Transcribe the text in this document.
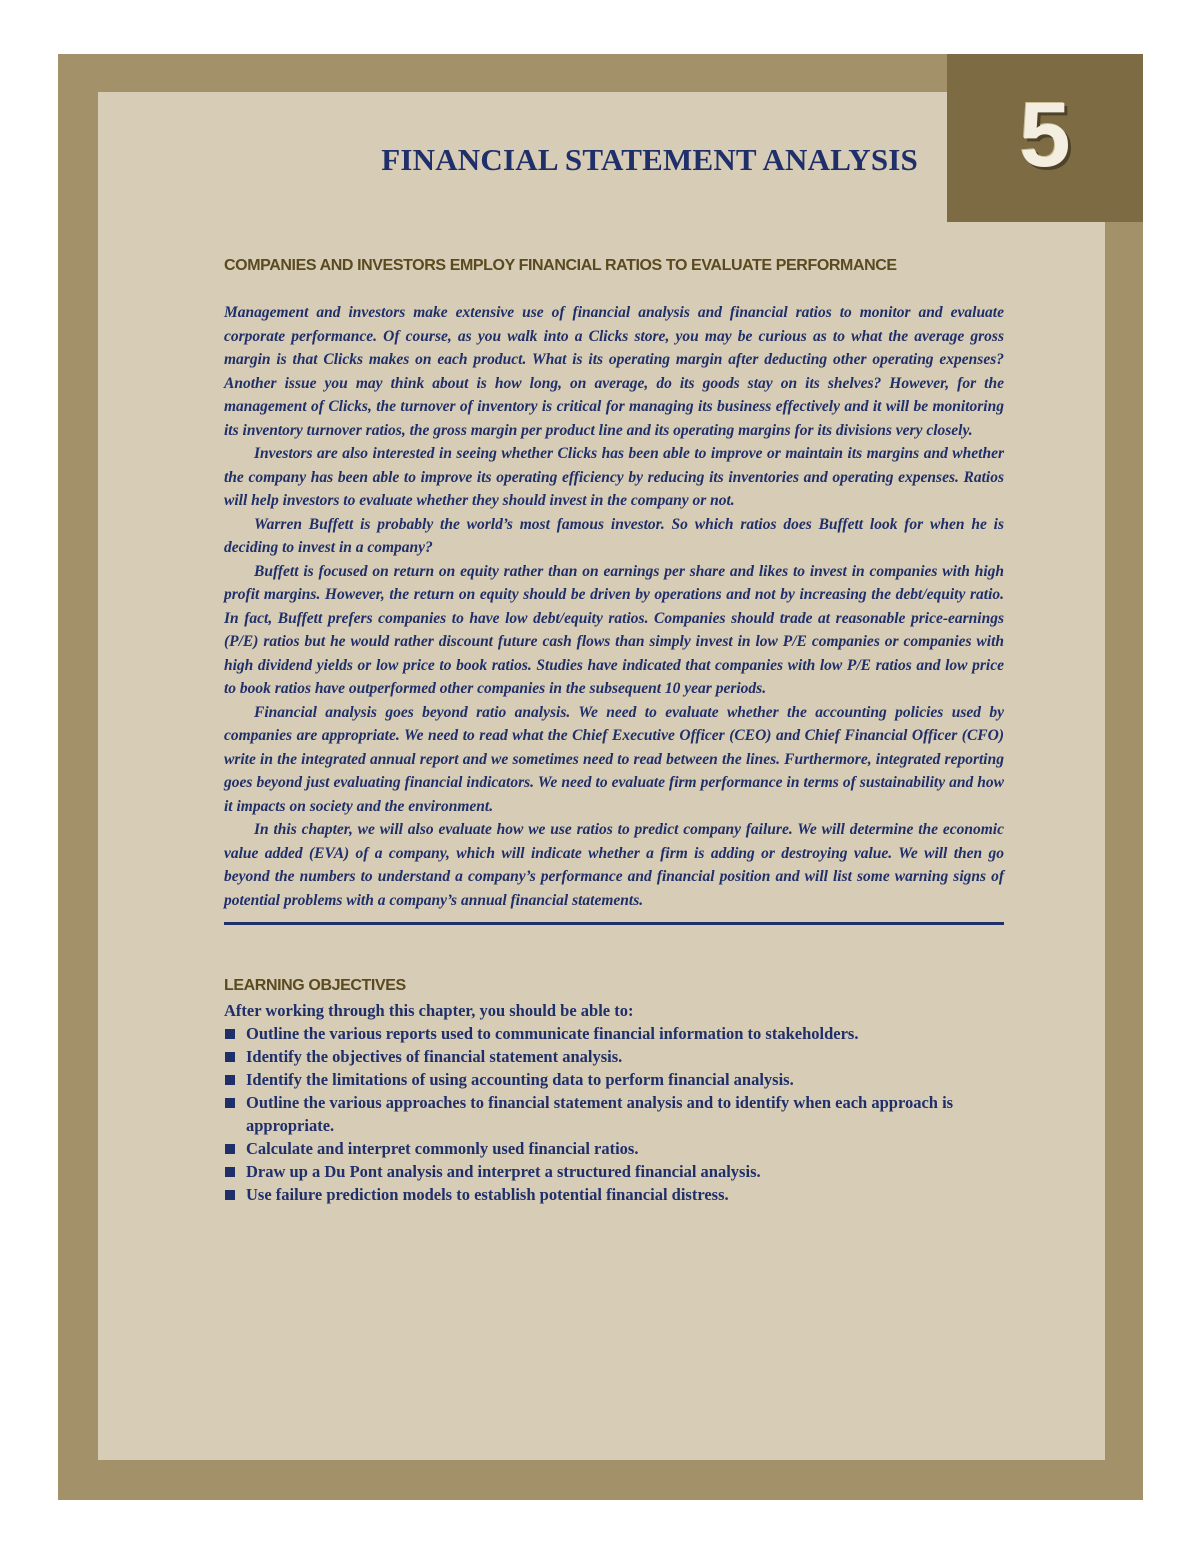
5
FINANCIAL STATEMENT ANALYSIS
COMPANIES AND INVESTORS EMPLOY FINANCIAL RATIOS TO EVALUATE PERFORMANCE

Management and investors make extensive use of financial analysis and financial ratios to monitor and evaluate corporate performance. Of course, as you walk into a Clicks store, you may be curious as to what the average gross margin is that Clicks makes on each product. What is its operating margin after deducting other operating expenses? Another issue you may think about is how long, on average, do its goods stay on its shelves? However, for the management of Clicks, the turnover of inventory is critical for managing its business effectively and it will be monitoring its inventory turnover ratios, the gross margin per product line and its operating margins for its divisions very closely.

Investors are also interested in seeing whether Clicks has been able to improve or maintain its margins and whether the company has been able to improve its operating efficiency by reducing its inventories and operating expenses. Ratios will help investors to evaluate whether they should invest in the company or not.

Warren Buffett is probably the world’s most famous investor. So which ratios does Buffett look for when he is deciding to invest in a company?

Buffett is focused on return on equity rather than on earnings per share and likes to invest in companies with high profit margins. However, the return on equity should be driven by operations and not by increasing the debt/equity ratio. In fact, Buffett prefers companies to have low debt/equity ratios. Companies should trade at reasonable price-earnings (P/E) ratios but he would rather discount future cash flows than simply invest in low P/E companies or companies with high dividend yields or low price to book ratios. Studies have indicated that companies with low P/E ratios and low price to book ratios have outperformed other companies in the subsequent 10 year periods.

Financial analysis goes beyond ratio analysis. We need to evaluate whether the accounting policies used by companies are appropriate. We need to read what the Chief Executive Officer (CEO) and Chief Financial Officer (CFO) write in the integrated annual report and we sometimes need to read between the lines. Furthermore, integrated reporting goes beyond just evaluating financial indicators. We need to evaluate firm performance in terms of sustainability and how it impacts on society and the environment.

In this chapter, we will also evaluate how we use ratios to predict company failure. We will determine the economic value added (EVA) of a company, which will indicate whether a firm is adding or destroying value. We will then go beyond the numbers to understand a company’s performance and financial position and will list some warning signs of potential problems with a company’s annual financial statements.

LEARNING OBJECTIVES

After working through this chapter, you should be able to:

Outline the various reports used to communicate financial information to stakeholders.
Identify the objectives of financial statement analysis.
Identify the limitations of using accounting data to perform financial analysis.
Outline the various approaches to financial statement analysis and to identify when each approach is appropriate.
Calculate and interpret commonly used financial ratios.
Draw up a Du Pont analysis and interpret a structured financial analysis.
Use failure prediction models to establish potential financial distress.
